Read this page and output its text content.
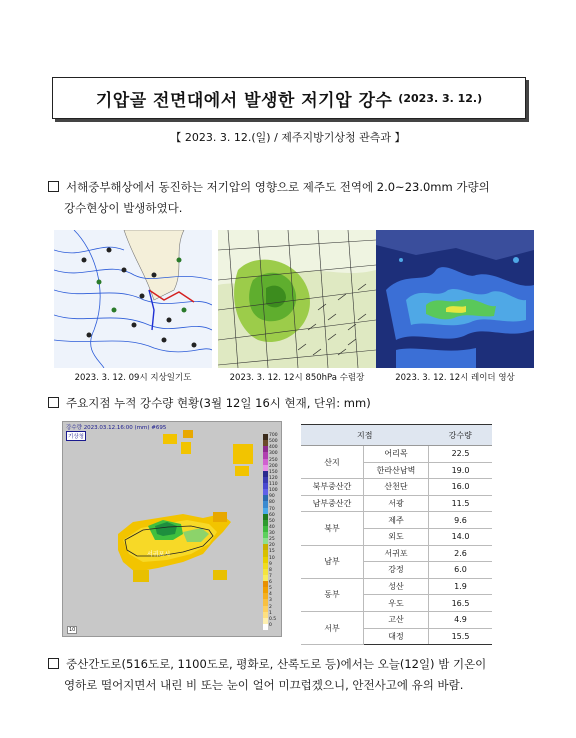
기압골 전면대에서 발생한 저기압 강수 (2023. 3. 12.)
【 2023. 3. 12.(일) / 제주지방기상청 관측과 】
서해중부해상에서 동진하는 저기압의 영향으로 제주도 전역에 2.0~23.0mm 가량의
강수현상이 발생하였다.
2023. 3. 12. 09시 지상일기도	2023. 3. 12. 12시 850hPa 수렴장	2023. 3. 12. 12시 레이더 영상
주요지점 누적 강수량 현황(3월 12일 16시 현재, 단위: mm)
강수량 2023.03.12.16:00 (mm) #695
기상청
서귀포시
700
500
400
300
250
200
150
120
110
100
90
80
70
60
50
40
30
25
20
15
10
9
8
7
6
5
4
3
2
1
0.5
0
10
지점		강수량
산지	어리목	22.5
	한라산남벽	19.0
북부중산간	산천단	16.0
남부중산간	서광	11.5
북부	제주	9.6
	외도	14.0
남부	서귀포	2.6
	강정	6.0
동부	성산	1.9
	우도	16.5
서부	고산	4.9
	대정	15.5
중산간도로(516도로, 1100도로, 평화로, 산록도로 등)에서는 오늘(12일) 밤 기온이
영하로 떨어지면서 내린 비 또는 눈이 얼어 미끄럽겠으니, 안전사고에 유의 바람.
